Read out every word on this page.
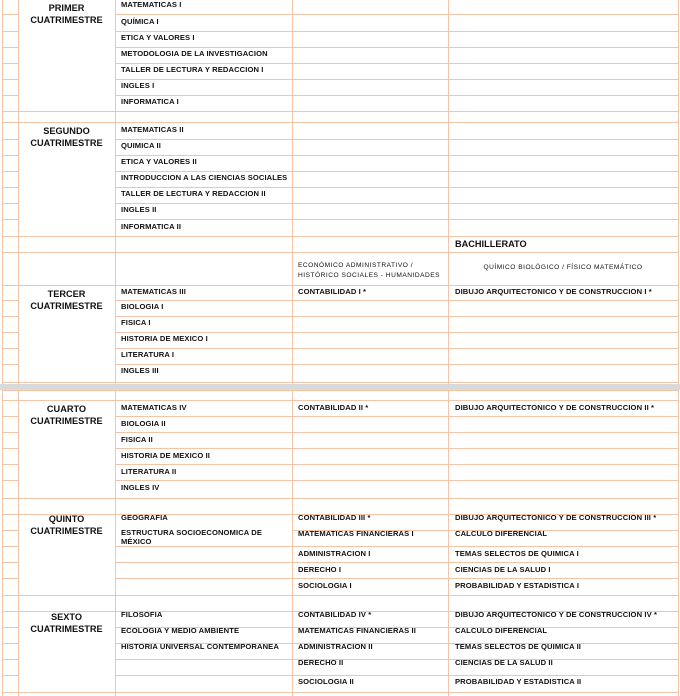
PRIMER
CUATRIMESTRE
MATEMATICAS I
QUÍMICA I
ETICA Y VALORES I
METODOLOGIA DE LA INVESTIGACION
TALLER DE LECTURA Y REDACCION I
INGLES I
INFORMATICA I
SEGUNDO
CUATRIMESTRE
MATEMATICAS II
QUIMICA II
ETICA Y VALORES II
INTRODUCCION A LAS CIENCIAS SOCIALES
TALLER DE LECTURA Y REDACCION II
INGLES II
INFORMATICA II
BACHILLERATO
ECONÓMICO ADMINISTRATIVO /
HISTÓRICO SOCIALES - HUMANIDADES
QUÍMICO BIOLÓGICO / FÍSICO MATEMÁTICO
TERCER
CUATRIMESTRE
MATEMATICAS III
BIOLOGIA I
FISICA I
HISTORIA DE MEXICO I
LITERATURA I
INGLES III
CONTABILIDAD I *	DIBUJO ARQUITECTONICO Y DE CONSTRUCCION I *
CUARTO
CUATRIMESTRE
MATEMATICAS IV
BIOLOGIA II
FISICA II
HISTORIA DE MEXICO II
LITERATURA II
INGLES IV
CONTABILIDAD II *	DIBUJO ARQUITECTONICO Y DE CONSTRUCCION II *
QUINTO
CUATRIMESTRE
GEOGRAFIA
ESTRUCTURA SOCIOECONOMICA DE MÉXICO
CONTABILIDAD III *
MATEMATICAS FINANCIERAS I
ADMINISTRACION I
DERECHO I
SOCIOLOGIA I
DIBUJO ARQUITECTONICO Y DE CONSTRUCCION III *
CALCULO DIFERENCIAL
TEMAS SELECTOS DE QUIMICA I
CIENCIAS DE LA SALUD I
PROBABILIDAD Y ESTADISTICA I
SEXTO
CUATRIMESTRE
FILOSOFIA
ECOLOGIA Y MEDIO AMBIENTE
HISTORIA UNIVERSAL CONTEMPORANEA
CONTABILIDAD IV *
MATEMATICAS FINANCIERAS II
ADMINISTRACION II
DERECHO II
SOCIOLOGIA II
DIBUJO ARQUITECTONICO Y DE CONSTRUCCION IV *
CALCULO DIFERENCIAL
TEMAS SELECTOS DE QUIMICA II
CIENCIAS DE LA SALUD II
PROBABILIDAD Y ESTADISTICA II
